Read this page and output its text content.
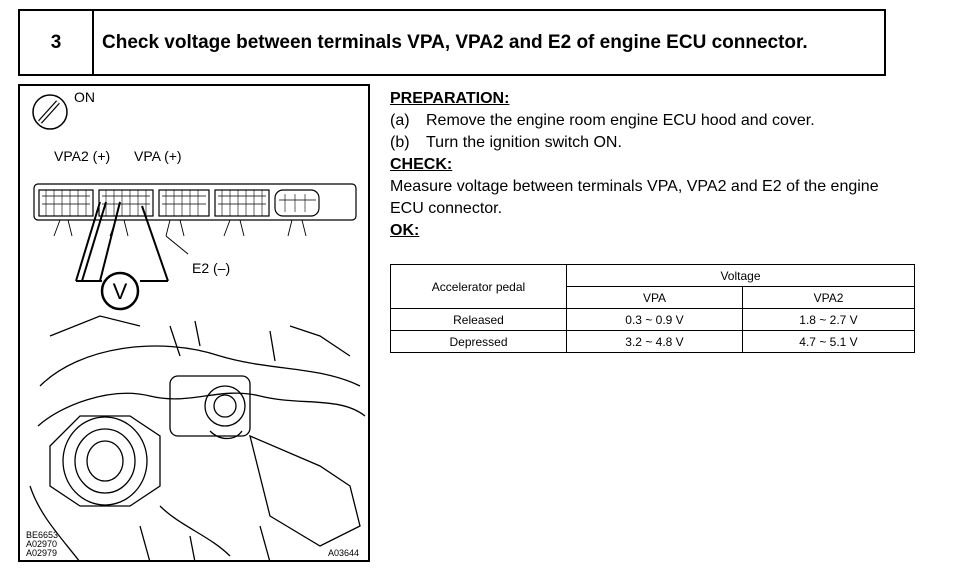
3	Check voltage between terminals VPA, VPA2 and E2 of engine ECU connector.
V
ON
VPA2 (+) VPA (+)
E2 (–)
BE6653
A02970
A02979	A03644
PREPARATION:
(a)	Remove the engine room engine ECU hood and cover.
(b)	Turn the ignition switch ON.
CHECK:
Measure voltage between terminals VPA, VPA2 and E2 of the engine ECU connector.
OK:
Accelerator pedal	Voltage	
	VPA	VPA2
Released	0.3 ~ 0.9 V	1.8 ~ 2.7 V
Depressed	3.2 ~ 4.8 V	4.7 ~ 5.1 V
